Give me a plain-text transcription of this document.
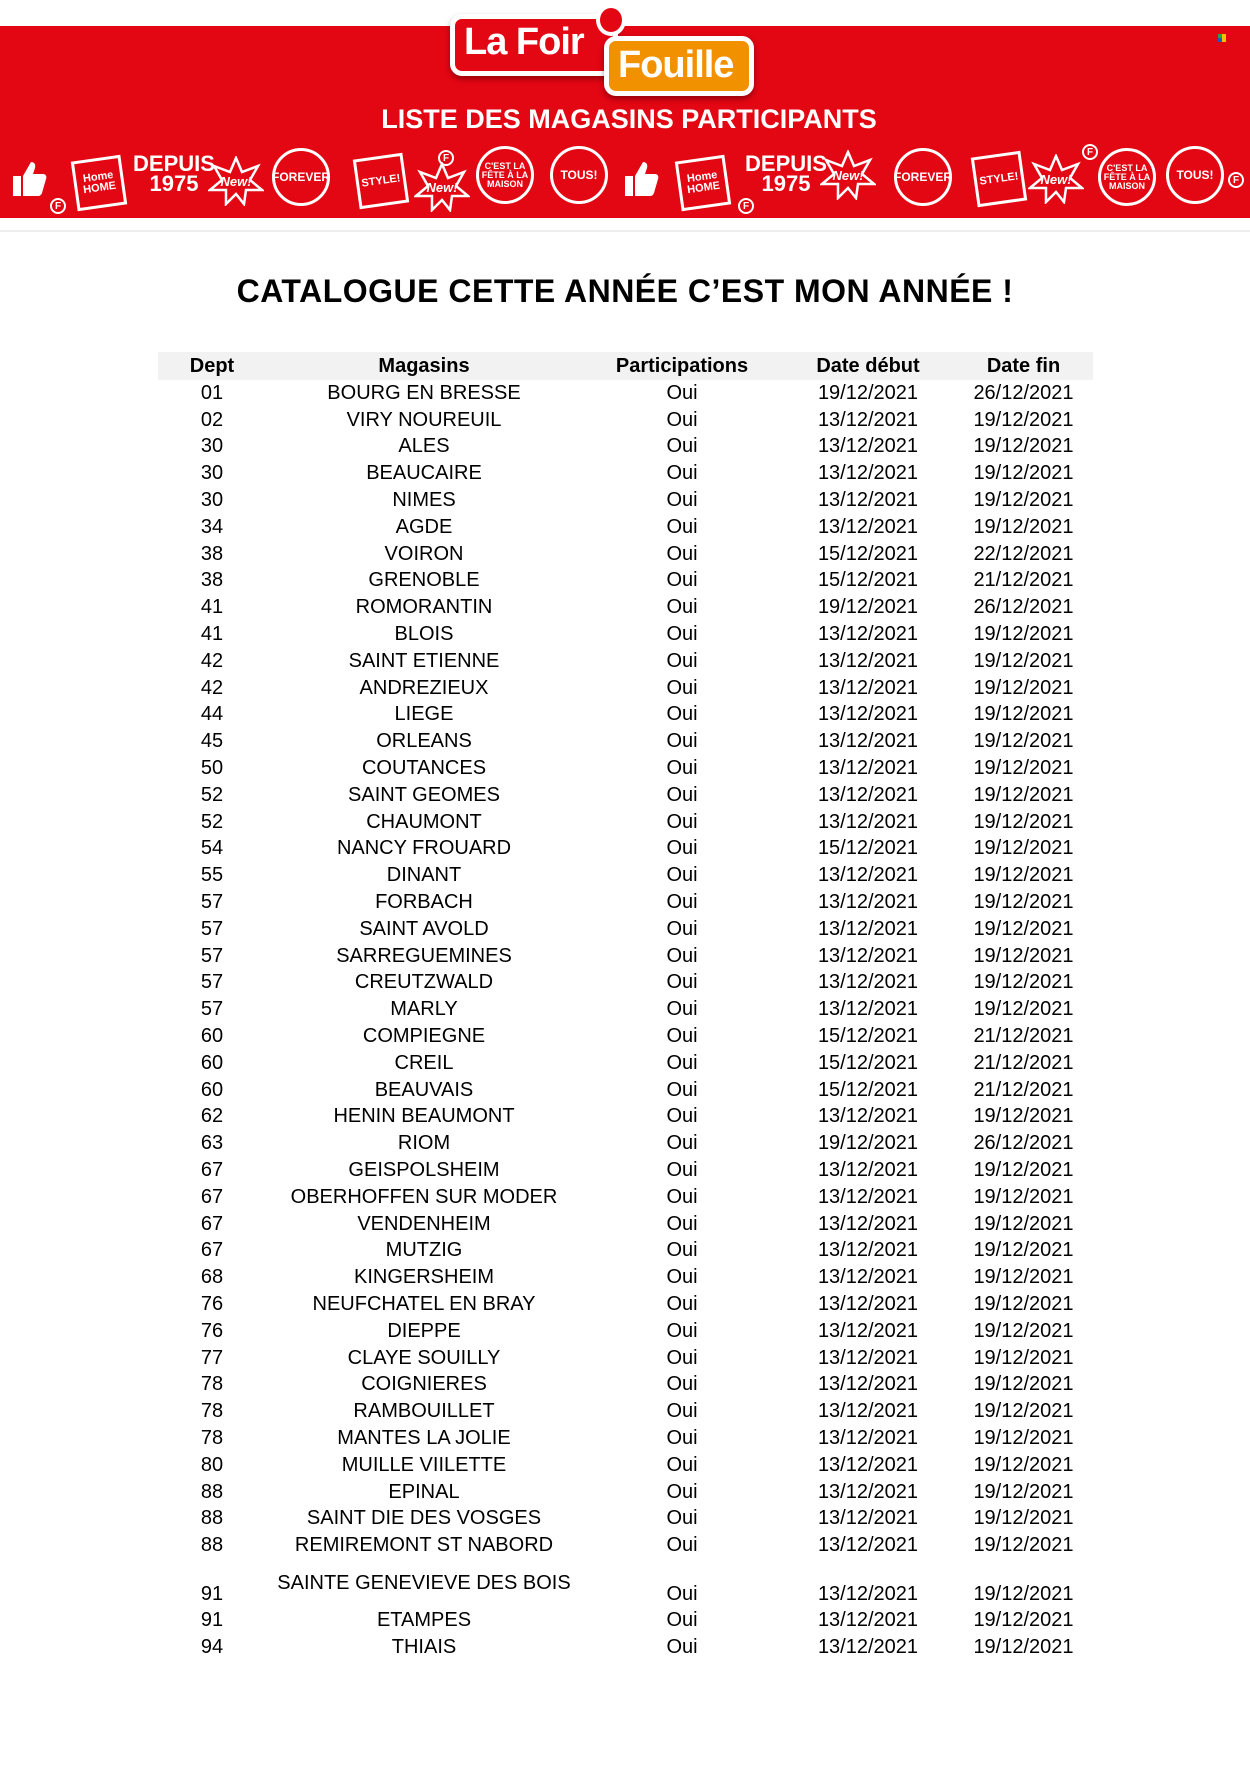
La Foir
Fouille
LISTE DES MAGASINS PARTICIPANTS
Home HOME
DEPUIS 1975	New! FOREVER	STYLE! New!
C'EST LA FÊTE À LA MAISON
TOUS!	Home HOME
DEPUIS 1975	New!	FOREVER STYLE! New!
C'EST LA FÊTE À LA MAISON
TOUS!
F
F
F
F
F
CATALOGUE CETTE ANNÉE C’EST MON ANNÉE !
Dept	Magasins	Participations	Date début	Date fin
01	BOURG EN BRESSE	Oui	19/12/2021	26/12/2021
02	VIRY NOUREUIL	Oui	13/12/2021	19/12/2021
30	ALES	Oui	13/12/2021	19/12/2021
30	BEAUCAIRE	Oui	13/12/2021	19/12/2021
30	NIMES	Oui	13/12/2021	19/12/2021
34	AGDE	Oui	13/12/2021	19/12/2021
38	VOIRON	Oui	15/12/2021	22/12/2021
38	GRENOBLE	Oui	15/12/2021	21/12/2021
41	ROMORANTIN	Oui	19/12/2021	26/12/2021
41	BLOIS	Oui	13/12/2021	19/12/2021
42	SAINT ETIENNE	Oui	13/12/2021	19/12/2021
42	ANDREZIEUX	Oui	13/12/2021	19/12/2021
44	LIEGE	Oui	13/12/2021	19/12/2021
45	ORLEANS	Oui	13/12/2021	19/12/2021
50	COUTANCES	Oui	13/12/2021	19/12/2021
52	SAINT GEOMES	Oui	13/12/2021	19/12/2021
52	CHAUMONT	Oui	13/12/2021	19/12/2021
54	NANCY FROUARD	Oui	15/12/2021	19/12/2021
55	DINANT	Oui	13/12/2021	19/12/2021
57	FORBACH	Oui	13/12/2021	19/12/2021
57	SAINT AVOLD	Oui	13/12/2021	19/12/2021
57	SARREGUEMINES	Oui	13/12/2021	19/12/2021
57	CREUTZWALD	Oui	13/12/2021	19/12/2021
57	MARLY	Oui	13/12/2021	19/12/2021
60	COMPIEGNE	Oui	15/12/2021	21/12/2021
60	CREIL	Oui	15/12/2021	21/12/2021
60	BEAUVAIS	Oui	15/12/2021	21/12/2021
62	HENIN BEAUMONT	Oui	13/12/2021	19/12/2021
63	RIOM	Oui	19/12/2021	26/12/2021
67	GEISPOLSHEIM	Oui	13/12/2021	19/12/2021
67	OBERHOFFEN SUR MODER	Oui	13/12/2021	19/12/2021
67	VENDENHEIM	Oui	13/12/2021	19/12/2021
67	MUTZIG	Oui	13/12/2021	19/12/2021
68	KINGERSHEIM	Oui	13/12/2021	19/12/2021
76	NEUFCHATEL EN BRAY	Oui	13/12/2021	19/12/2021
76	DIEPPE	Oui	13/12/2021	19/12/2021
77	CLAYE SOUILLY	Oui	13/12/2021	19/12/2021
78	COIGNIERES	Oui	13/12/2021	19/12/2021
78	RAMBOUILLET	Oui	13/12/2021	19/12/2021
78	MANTES LA JOLIE	Oui	13/12/2021	19/12/2021
80	MUILLE VIILETTE	Oui	13/12/2021	19/12/2021
88	EPINAL	Oui	13/12/2021	19/12/2021
88	SAINT DIE DES VOSGES	Oui	13/12/2021	19/12/2021
88	REMIREMONT ST NABORD	Oui	13/12/2021	19/12/2021
91	SAINTE GENEVIEVE DES BOIS	Oui	13/12/2021	19/12/2021
91	ETAMPES	Oui	13/12/2021	19/12/2021
94	THIAIS	Oui	13/12/2021	19/12/2021
